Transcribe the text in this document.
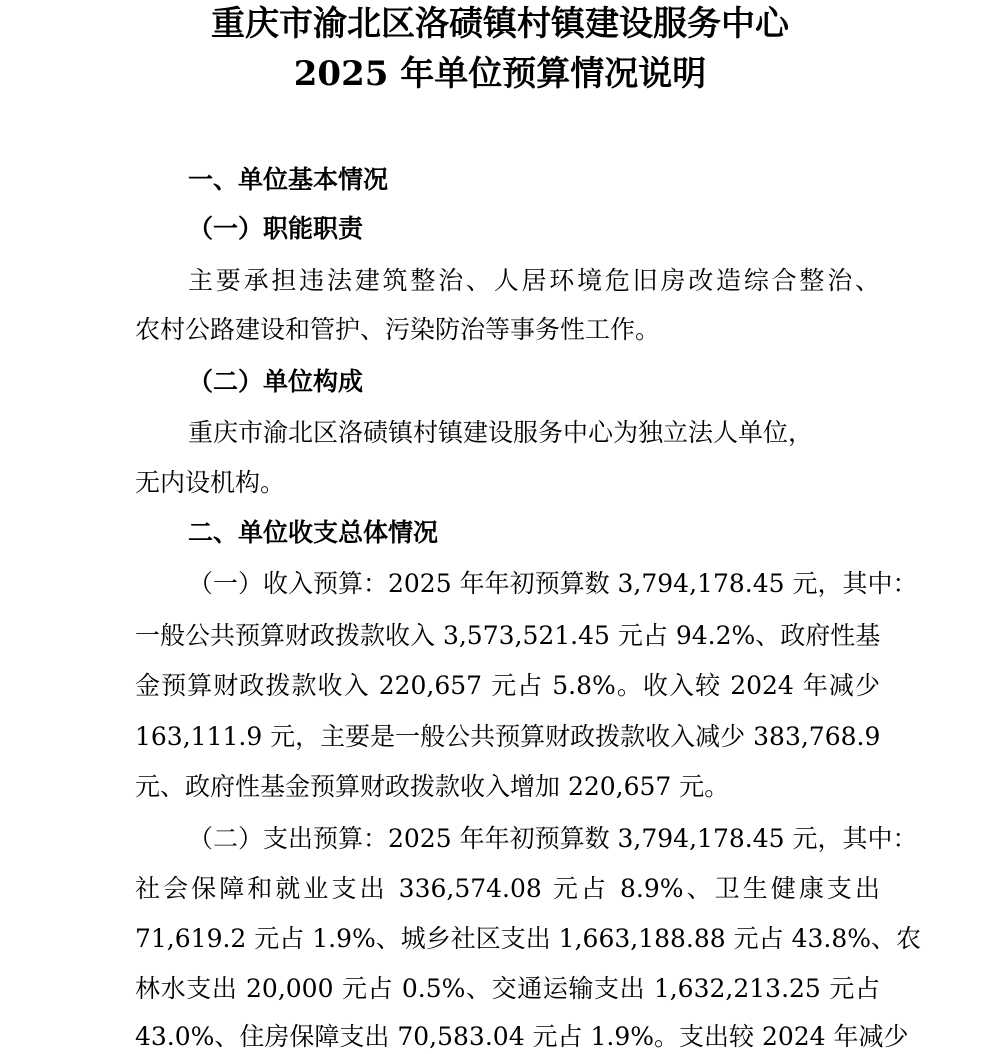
重庆市渝北区洛碛镇村镇建设服务中心
2025 年单位预算情况说明
一、单位基本情况
（一）职能职责

主要承担违法建筑整治、人居环境危旧房改造综合整治、

农村公路建设和管护、污染防治等事务性工作。

（二）单位构成

重庆市渝北区洛碛镇村镇建设服务中心为独立法人单位，

无内设机构。

二、单位收支总体情况

（一）收入预算：2025 年年初预算数 3,794,178.45 元，其中：

一般公共预算财政拨款收入 3,573,521.45 元占 94.2%、政府性基

金预算财政拨款收入 220,657 元占 5.8%。收入较 2024 年减少

163,111.9 元，主要是一般公共预算财政拨款收入减少 383,768.9

元、政府性基金预算财政拨款收入增加 220,657 元。

（二）支出预算：2025 年年初预算数 3,794,178.45 元，其中：

社会保障和就业支出 336,574.08 元占 8.9%、卫生健康支出

71,619.2 元占 1.9%、城乡社区支出 1,663,188.88 元占 43.8%、农

林水支出 20,000 元占 0.5%、交通运输支出 1,632,213.25 元占

43.0%、住房保障支出 70,583.04 元占 1.9%。支出较 2024 年减少
